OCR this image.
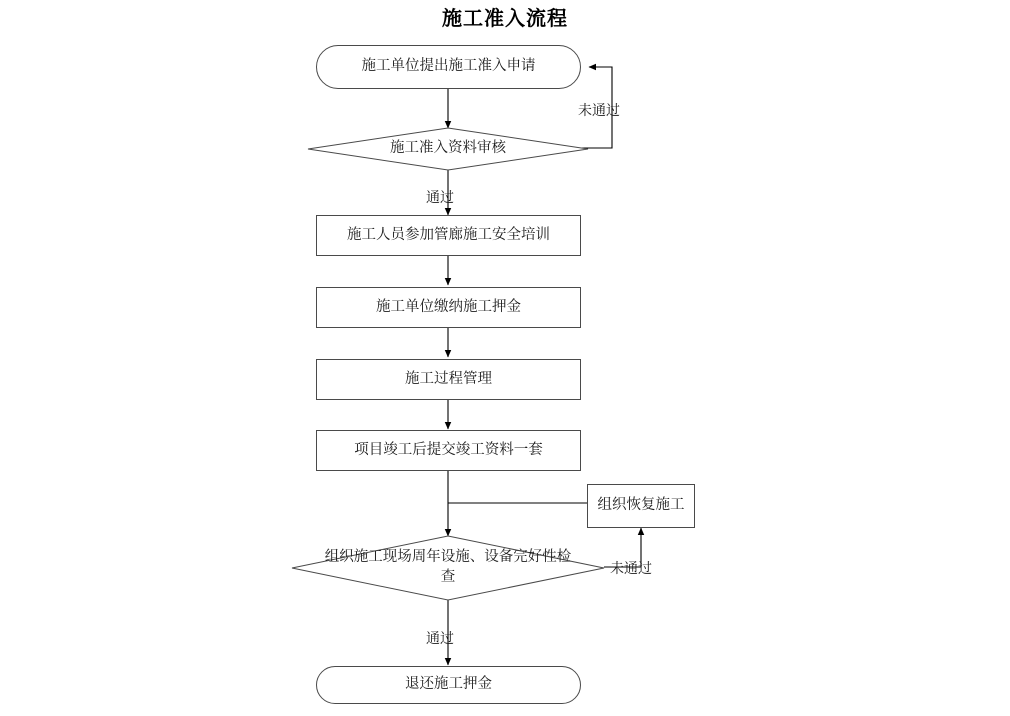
施工准入流程
施工单位提出施工准入申请
施工准入资料审核
未通过
通过
施工人员参加管廊施工安全培训
施工单位缴纳施工押金
施工过程管理
项目竣工后提交竣工资料一套
组织恢复施工
组织施工现场周年设施、设备完好性检查
未通过
通过
退还施工押金
